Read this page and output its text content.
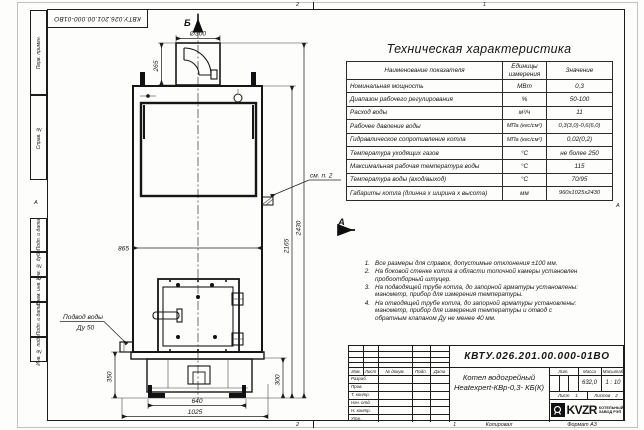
КВТУ.026.201.00.000-01ВО
Перв. примен.
Справ. №
Подп. и дата
Инв. № дубл.
Взам. инв. №
Подп. и дата
Инв. № подл.
2	1
2	1
А	А
Копировал	Формат А3
Б
Ø300
265
см. п. 2
865
Подвод воды
Ду 50
350	300
2165
2430
640
1025
А
Техническая характеристика
Наименование показателя	Единицы измерения	Значение
Номинальная мощность	МВт	0,3
Диапазон рабочего регулирования	%	50-100
Расход воды	м³/ч	11
Рабочее давление воды	МПа (кгс/см²)	0,3(3,0)-0,6(6,0)
Гидравлическое сопротивление котла	МПа (кгс/см²)	0,02(0,2)
Температура уходящих газов	°С	не более 250
Максимальная рабочая температура воды	°С	115
Температура воды (вход/выход)	°С	70/95
Габариты котла (длинна х ширина х высота)	мм	960х1025х2430
1. Все размеры для справок, допустимые отклонения ±100 мм.
2. На боковой стенке котла в области топочной камеры установлен пробоотборный штуцер.
3. На подводящей трубе котла, до запорной арматуры установлены: манометр, прибор для измерения температуры.
4. На отводящей трубе котла, до запорной арматуры установлены: манометр, прибор для измерения температуры и отвод с обратным клапаном Ду не менее 40 мм.
КВТУ.026.201.00.000-01ВО
Котел водогрейный
Heatexpert-КВр-0,3- КБ(К)
Изм. Лист	№ докум.	Подп.	Дата
Разраб.
Пров.
Т. контр.
Нач. отд.
Н. контр.
Утв.
Лит.	Масса	Масштаб
632,0	1 : 10
Лист 1	Листов 2
KVZR КОТЕЛЬНЫЙ
ЗАВОД РЭП
